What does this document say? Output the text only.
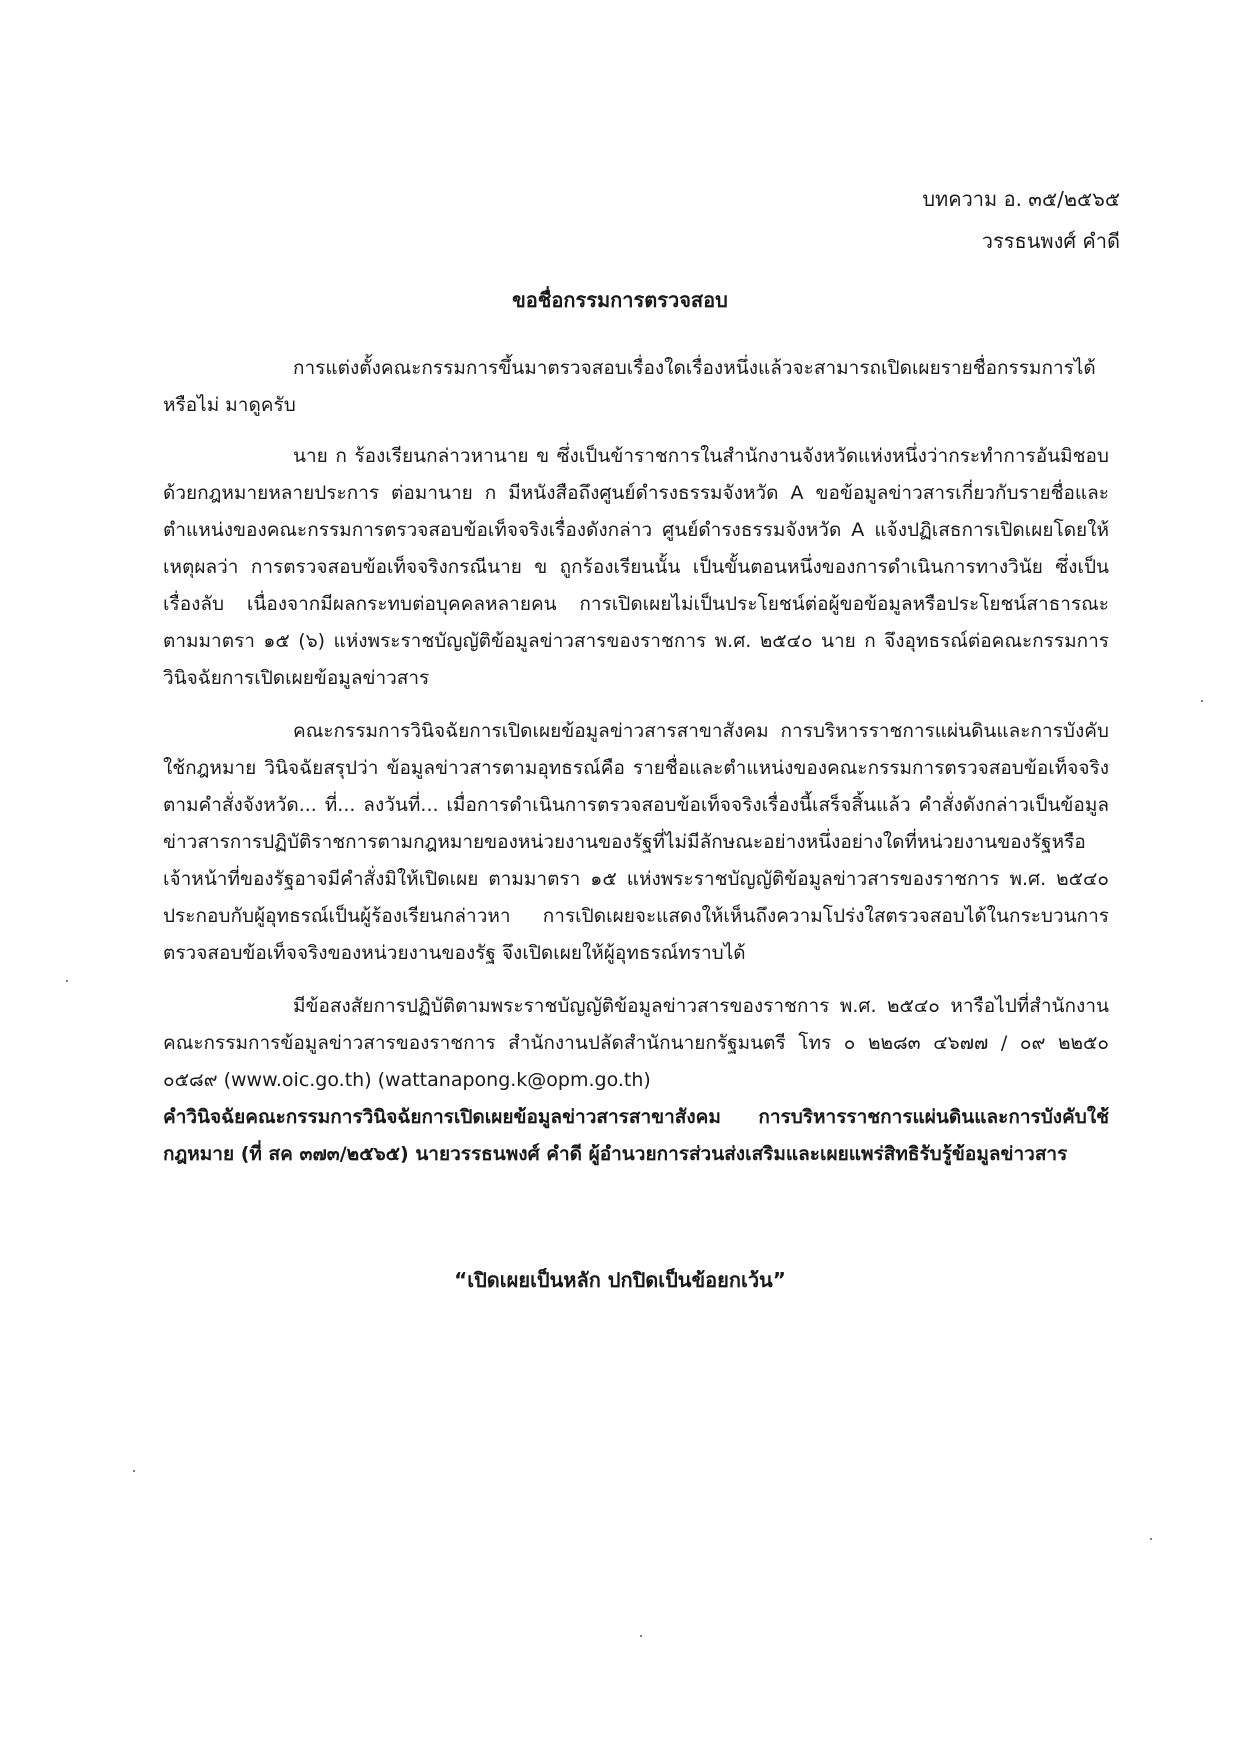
บทความ อ. ๓๕/๒๕๖๕
วรรธนพงศ์ คำดี
ขอชื่อกรรมการตรวจสอบ

การแต่งตั้งคณะกรรมการขึ้นมาตรวจสอบเรื่องใดเรื่องหนึ่งแล้วจะสามารถเปิดเผยรายชื่อกรรมการได้หรือไม่ มาดูครับ

นาย ก ร้องเรียนกล่าวหานาย ข ซึ่งเป็นข้าราชการในสำนักงานจังหวัดแห่งหนึ่งว่ากระทำการอันมิชอบด้วยกฎหมายหลายประการ ต่อมานาย ก มีหนังสือถึงศูนย์ดำรงธรรมจังหวัด A ขอข้อมูลข่าวสารเกี่ยวกับรายชื่อและตำแหน่งของคณะกรรมการตรวจสอบข้อเท็จจริงเรื่องดังกล่าว ศูนย์ดำรงธรรมจังหวัด A แจ้งปฏิเสธการเปิดเผยโดยให้เหตุผลว่า การตรวจสอบข้อเท็จจริงกรณีนาย ข ถูกร้องเรียนนั้น เป็นขั้นตอนหนึ่งของการดำเนินการทางวินัย ซึ่งเป็นเรื่องลับ เนื่องจากมีผลกระทบต่อบุคคลหลายคน การเปิดเผยไม่เป็นประโยชน์ต่อผู้ขอข้อมูลหรือประโยชน์สาธารณะ ตามมาตรา ๑๕ (๖) แห่งพระราชบัญญัติข้อมูลข่าวสารของราชการ พ.ศ. ๒๕๔๐ นาย ก จึงอุทธรณ์ต่อคณะกรรมการวินิจฉัยการเปิดเผยข้อมูลข่าวสาร

คณะกรรมการวินิจฉัยการเปิดเผยข้อมูลข่าวสารสาขาสังคม การบริหารราชการแผ่นดินและการบังคับใช้กฎหมาย วินิจฉัยสรุปว่า ข้อมูลข่าวสารตามอุทธรณ์คือ รายชื่อและตำแหน่งของคณะกรรมการตรวจสอบข้อเท็จจริงตามคำสั่งจังหวัด... ที่... ลงวันที่... เมื่อการดำเนินการตรวจสอบข้อเท็จจริงเรื่องนี้เสร็จสิ้นแล้ว คำสั่งดังกล่าวเป็นข้อมูลข่าวสารการปฏิบัติราชการตามกฎหมายของหน่วยงานของรัฐที่ไม่มีลักษณะอย่างหนึ่งอย่างใดที่หน่วยงานของรัฐหรือเจ้าหน้าที่ของรัฐอาจมีคำสั่งมิให้เปิดเผย ตามมาตรา ๑๕ แห่งพระราชบัญญัติข้อมูลข่าวสารของราชการ พ.ศ. ๒๕๔๐ ประกอบกับผู้อุทธรณ์เป็นผู้ร้องเรียนกล่าวหา การเปิดเผยจะแสดงให้เห็นถึงความโปร่งใสตรวจสอบได้ในกระบวนการตรวจสอบข้อเท็จจริงของหน่วยงานของรัฐ จึงเปิดเผยให้ผู้อุทธรณ์ทราบได้

มีข้อสงสัยการปฏิบัติตามพระราชบัญญัติข้อมูลข่าวสารของราชการ พ.ศ. ๒๕๔๐ หารือไปที่สำนักงานคณะกรรมการข้อมูลข่าวสารของราชการ สำนักงานปลัดสำนักนายกรัฐมนตรี โทร ๐ ๒๒๘๓ ๔๖๗๗ / ๐๙ ๒๒๕๐ ๐๕๘๙ (www.oic.go.th) (wattanapong.k@opm.go.th)

คำวินิจฉัยคณะกรรมการวินิจฉัยการเปิดเผยข้อมูลข่าวสารสาขาสังคม การบริหารราชการแผ่นดินและการบังคับใช้กฎหมาย (ที่ สค ๓๗๓/๒๕๖๕) นายวรรธนพงศ์ คำดี ผู้อำนวยการส่วนส่งเสริมและเผยแพร่สิทธิรับรู้ข้อมูลข่าวสาร

“เปิดเผยเป็นหลัก ปกปิดเป็นข้อยกเว้น”
